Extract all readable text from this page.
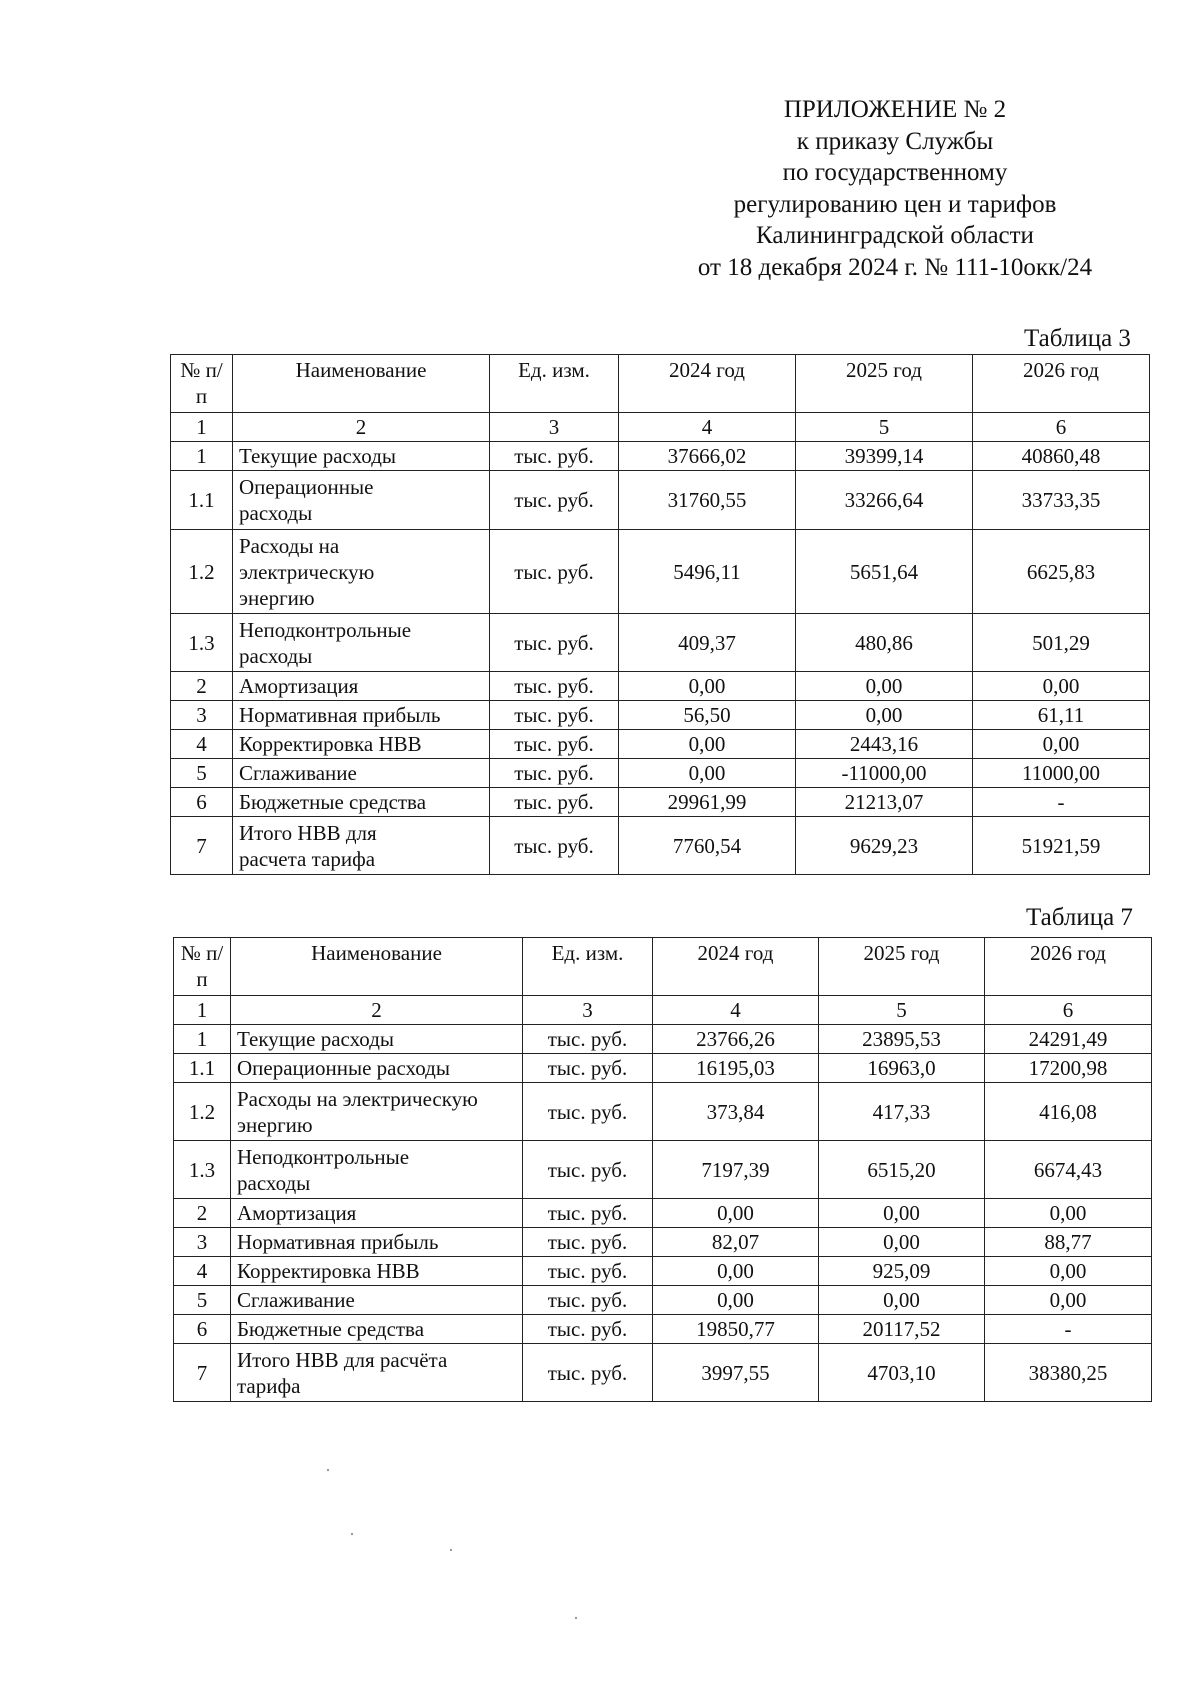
ПРИЛОЖЕНИЕ № 2
к приказу Службы
по государственному
регулированию цен и тарифов
Калининградской области
от 18 декабря 2024 г. № 111-10окк/24
Таблица 3
№ п/п	Наименование	Ед. изм.	2024 год	2025 год	2026 год
1	2	3	4	5	6
1	Текущие расходы	тыс. руб.	37666,02	39399,14	40860,48
1.1	Операционные расходы	тыс. руб.	31760,55	33266,64	33733,35
1.2	Расходы на электрическую энергию	тыс. руб.	5496,11	5651,64	6625,83
1.3	Неподконтрольные расходы	тыс. руб.	409,37	480,86	501,29
2	Амортизация	тыс. руб.	0,00	0,00	0,00
3	Нормативная прибыль	тыс. руб.	56,50	0,00	61,11
4	Корректировка НВВ	тыс. руб.	0,00	2443,16	0,00
5	Сглаживание	тыс. руб.	0,00	-11000,00	11000,00
6	Бюджетные средства	тыс. руб.	29961,99	21213,07	-
7	Итого НВВ для расчета тарифа	тыс. руб.	7760,54	9629,23	51921,59
Таблица 7
№ п/п	Наименование	Ед. изм.	2024 год	2025 год	2026 год
1	2	3	4	5	6
1	Текущие расходы	тыс. руб.	23766,26	23895,53	24291,49
1.1	Операционные расходы	тыс. руб.	16195,03	16963,0	17200,98
1.2	Расходы на электрическую энергию	тыс. руб.	373,84	417,33	416,08
1.3	Неподконтрольные расходы	тыс. руб.	7197,39	6515,20	6674,43
2	Амортизация	тыс. руб.	0,00	0,00	0,00
3	Нормативная прибыль	тыс. руб.	82,07	0,00	88,77
4	Корректировка НВВ	тыс. руб.	0,00	925,09	0,00
5	Сглаживание	тыс. руб.	0,00	0,00	0,00
6	Бюджетные средства	тыс. руб.	19850,77	20117,52	-
7	Итого НВВ для расчёта тарифа	тыс. руб.	3997,55	4703,10	38380,25
